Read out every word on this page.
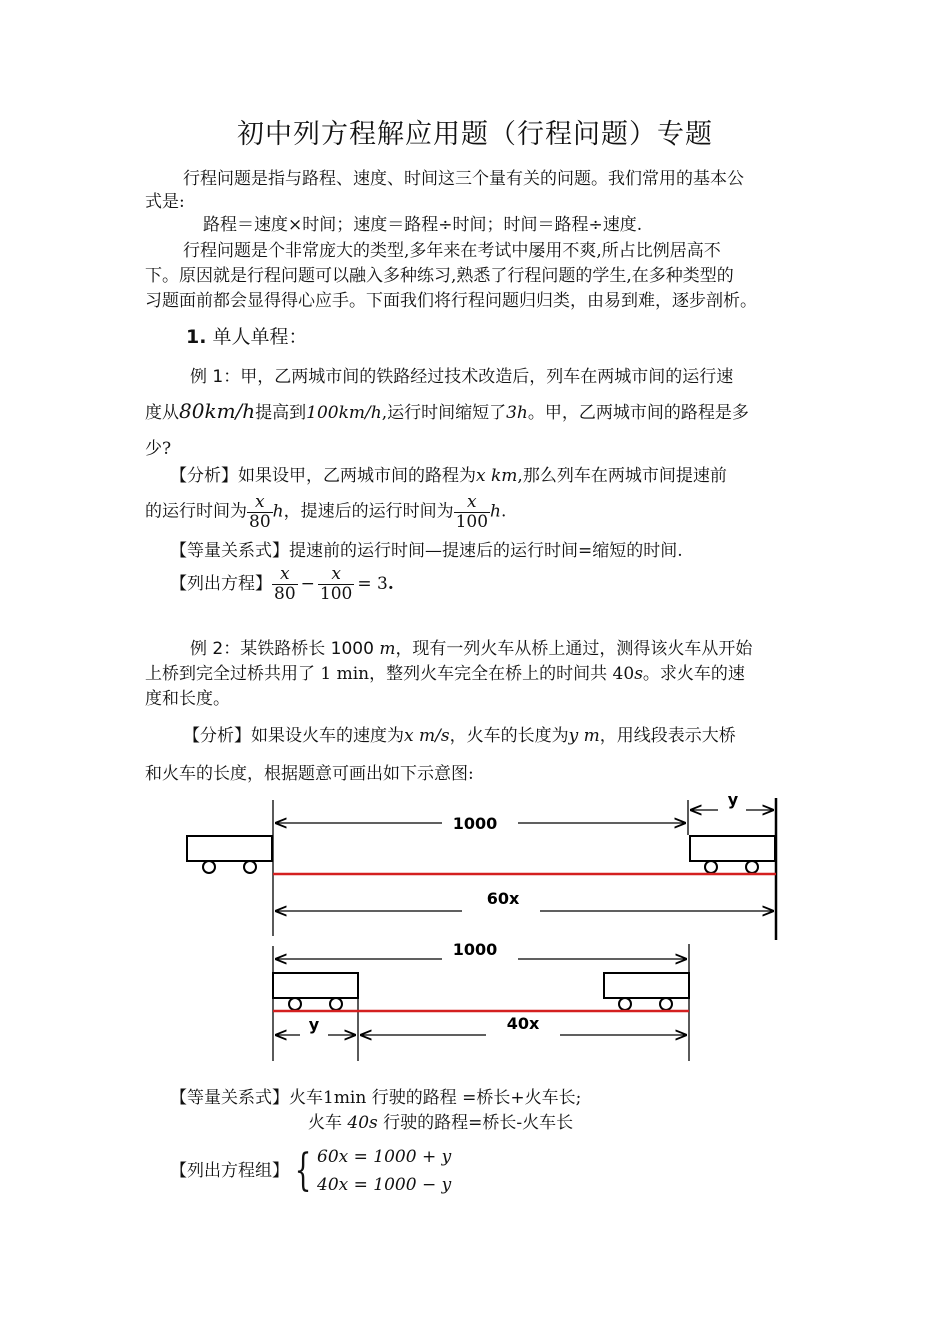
初中列方程解应用题（行程问题）专题
行程问题是指与路程、速度、时间这三个量有关的问题。我们常用的基本公
式是:
路程＝速度×时间；速度＝路程÷时间；时间＝路程÷速度.
行程问题是个非常庞大的类型,多年来在考试中屡用不爽,所占比例居高不
下。原因就是行程问题可以融入多种练习,熟悉了行程问题的学生,在多种类型的
习题面前都会显得得心应手。下面我们将行程问题归归类，由易到难，逐步剖析。
1. 单人单程：
例 1：甲，乙两城市间的铁路经过技术改造后，列车在两城市间的运行速
度从80km/h提高到100km/h,运行时间缩短了3h。甲，乙两城市间的路程是多
少?
【分析】如果设甲，乙两城市间的路程为x km,那么列车在两城市间提速前
的运行时间为 $\frac{x}{80}$ h，提速后的运行时间为 $\frac{x}{100} h$.
【等量关系式】提速前的运行时间—提速后的运行时间=缩短的时间.
【列出方程】 $\frac{x}{80} - \frac{x}{100} = 3$.
例 2：某铁路桥长 1000 m，现有一列火车从桥上通过，测得该火车从开始
上桥到完全过桥共用了 1 min，整列火车完全在桥上的时间共 40s。求火车的速
度和长度。
【分析】如果设火车的速度为x m/s，火车的长度为y m，用线段表示大桥
和火车的长度，根据题意可画出如下示意图:
1000
y
60x
1000
y	40x
【等量关系式】火车1min 行驶的路程 =桥长+火车长;
火车 40s 行驶的路程=桥长-火车长
【列出方程组】 { 60x = 1000 + y
40x = 1000 − y
